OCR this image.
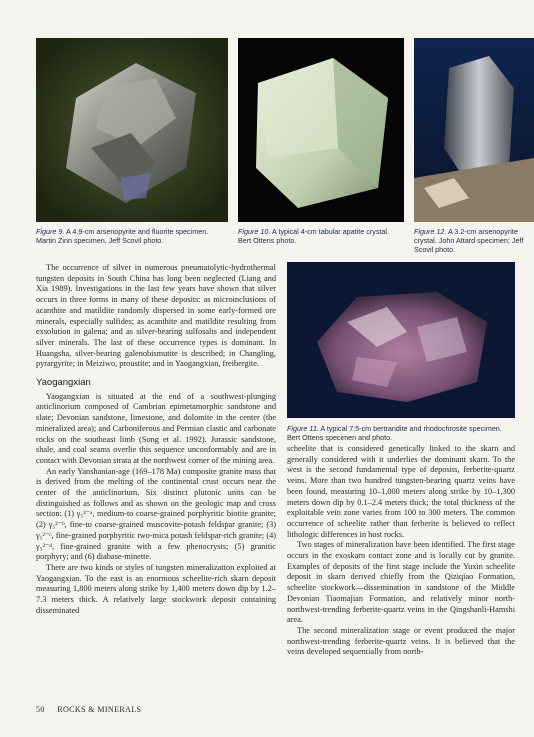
Figure 9. A 4.9-cm arsenopyrite and fluorite specimen. Martin Zinn specimen, Jeff Scovil photo.
Figure 10. A typical 4-cm tabular apatite crystal. Bert Ottens photo.
Figure 12. A 3.2-cm arsenopyrite crystal. John Attard specimen; Jeff Scovil photo.
Figure 11. A typical 7.5-cm bertrandite and rhodochrosite specimen. Bert Ottens specimen and photo.

The occurrence of silver in numerous pneumatolytic-hydrothermal tungsten deposits in South China has long been neglected (Liang and Xia 1989). Investigations in the last few years have shown that silver occurs in three forms in many of these deposits: as microinclusions of acanthite and matildite randomly dispersed in some early-formed ore minerals, especially sulfides; as acanthite and matildite resulting from exsolution in galena; and as silver-bearing sulfosalts and independent silver minerals. The last of these occurrence types is dominant. In Huangsha, silver-bearing galenobismutite is described; in Changling, pyrargyrite; in Meiziwo, proustite; and in Yaogangxian, freibergite.

Yaogangxian

Yaogangxian is situated at the end of a southwest-plunging anticlinorium composed of Cambrian epimetamorphic sandstone and slate; Devonian sandstone, limestone, and dolomite in the center (the mineralized area); and Carboniferous and Permian clastic and carbonate rocks on the southeast limb (Song et al. 1992). Jurassic sandstone, shale, and coal seams overlie this sequence unconformably and are in contact with Devonian strata at the northwest corner of the mining area.

An early Yanshanian-age (169–178 Ma) composite granite mass that is derived from the melting of the continental crust occurs near the center of the anticlinorium. Six distinct plutonic units can be distinguished as follows and as shown on the geologic map and cross section: (1) γ₅²⁻ᵃ, medium-to coarse-grained porphyritic biotite granite; (2) γ₅²⁻ᵇ, fine-to coarse-grained muscovite-potash feldspar granite; (3) γ₅²⁻ᶜ, fine-grained porphyritic two-mica potash feldspar-rich granite; (4) γ₅²⁻ᵈ, fine-grained granite with a few phenocrysts; (5) granitic porphyry; and (6) diabase-minette.

There are two kinds or styles of tungsten mineralization exploited at Yaogangxian. To the east is an enormous scheelite-rich skarn deposit measuring 1,800 meters along strike by 1,400 meters down dip by 1.2–7.3 meters thick. A relatively large stockwork deposit containing disseminated

scheelite that is considered genetically linked to the skarn and generally considered with it underlies the dominant skarn. To the west is the second fundamental type of deposits, ferberite-quartz veins. More than two hundred tungsten-bearing quartz veins have been found, measuring 10–1,000 meters along strike by 10–1,300 meters down dip by 0.1–2.4 meters thick; the total thickness of the exploitable vein zone varies from 100 to 300 meters. The common occurrence of scheelite rather than ferberite is believed to reflect lithologic differences in host rocks.

Two stages of mineralization have been identified. The first stage occurs in the exoskarn contact zone and is locally cut by granite. Examples of deposits of the first stage include the Yuxin scheelite deposit in skarn derived chiefly from the Qiziqiao Formation, scheelite stockwork—dissemination in sandstone of the Middle Devonian Tiaomajian Formation, and relatively minor north-northwest-trending ferberite-quartz veins in the Qingshanli-Hamshi area.

The second mineralization stage or event produced the major northwest-trending ferberite-quartz veins. It is believed that the veins developed sequentially from north-

50 ROCKS & MINERALS
